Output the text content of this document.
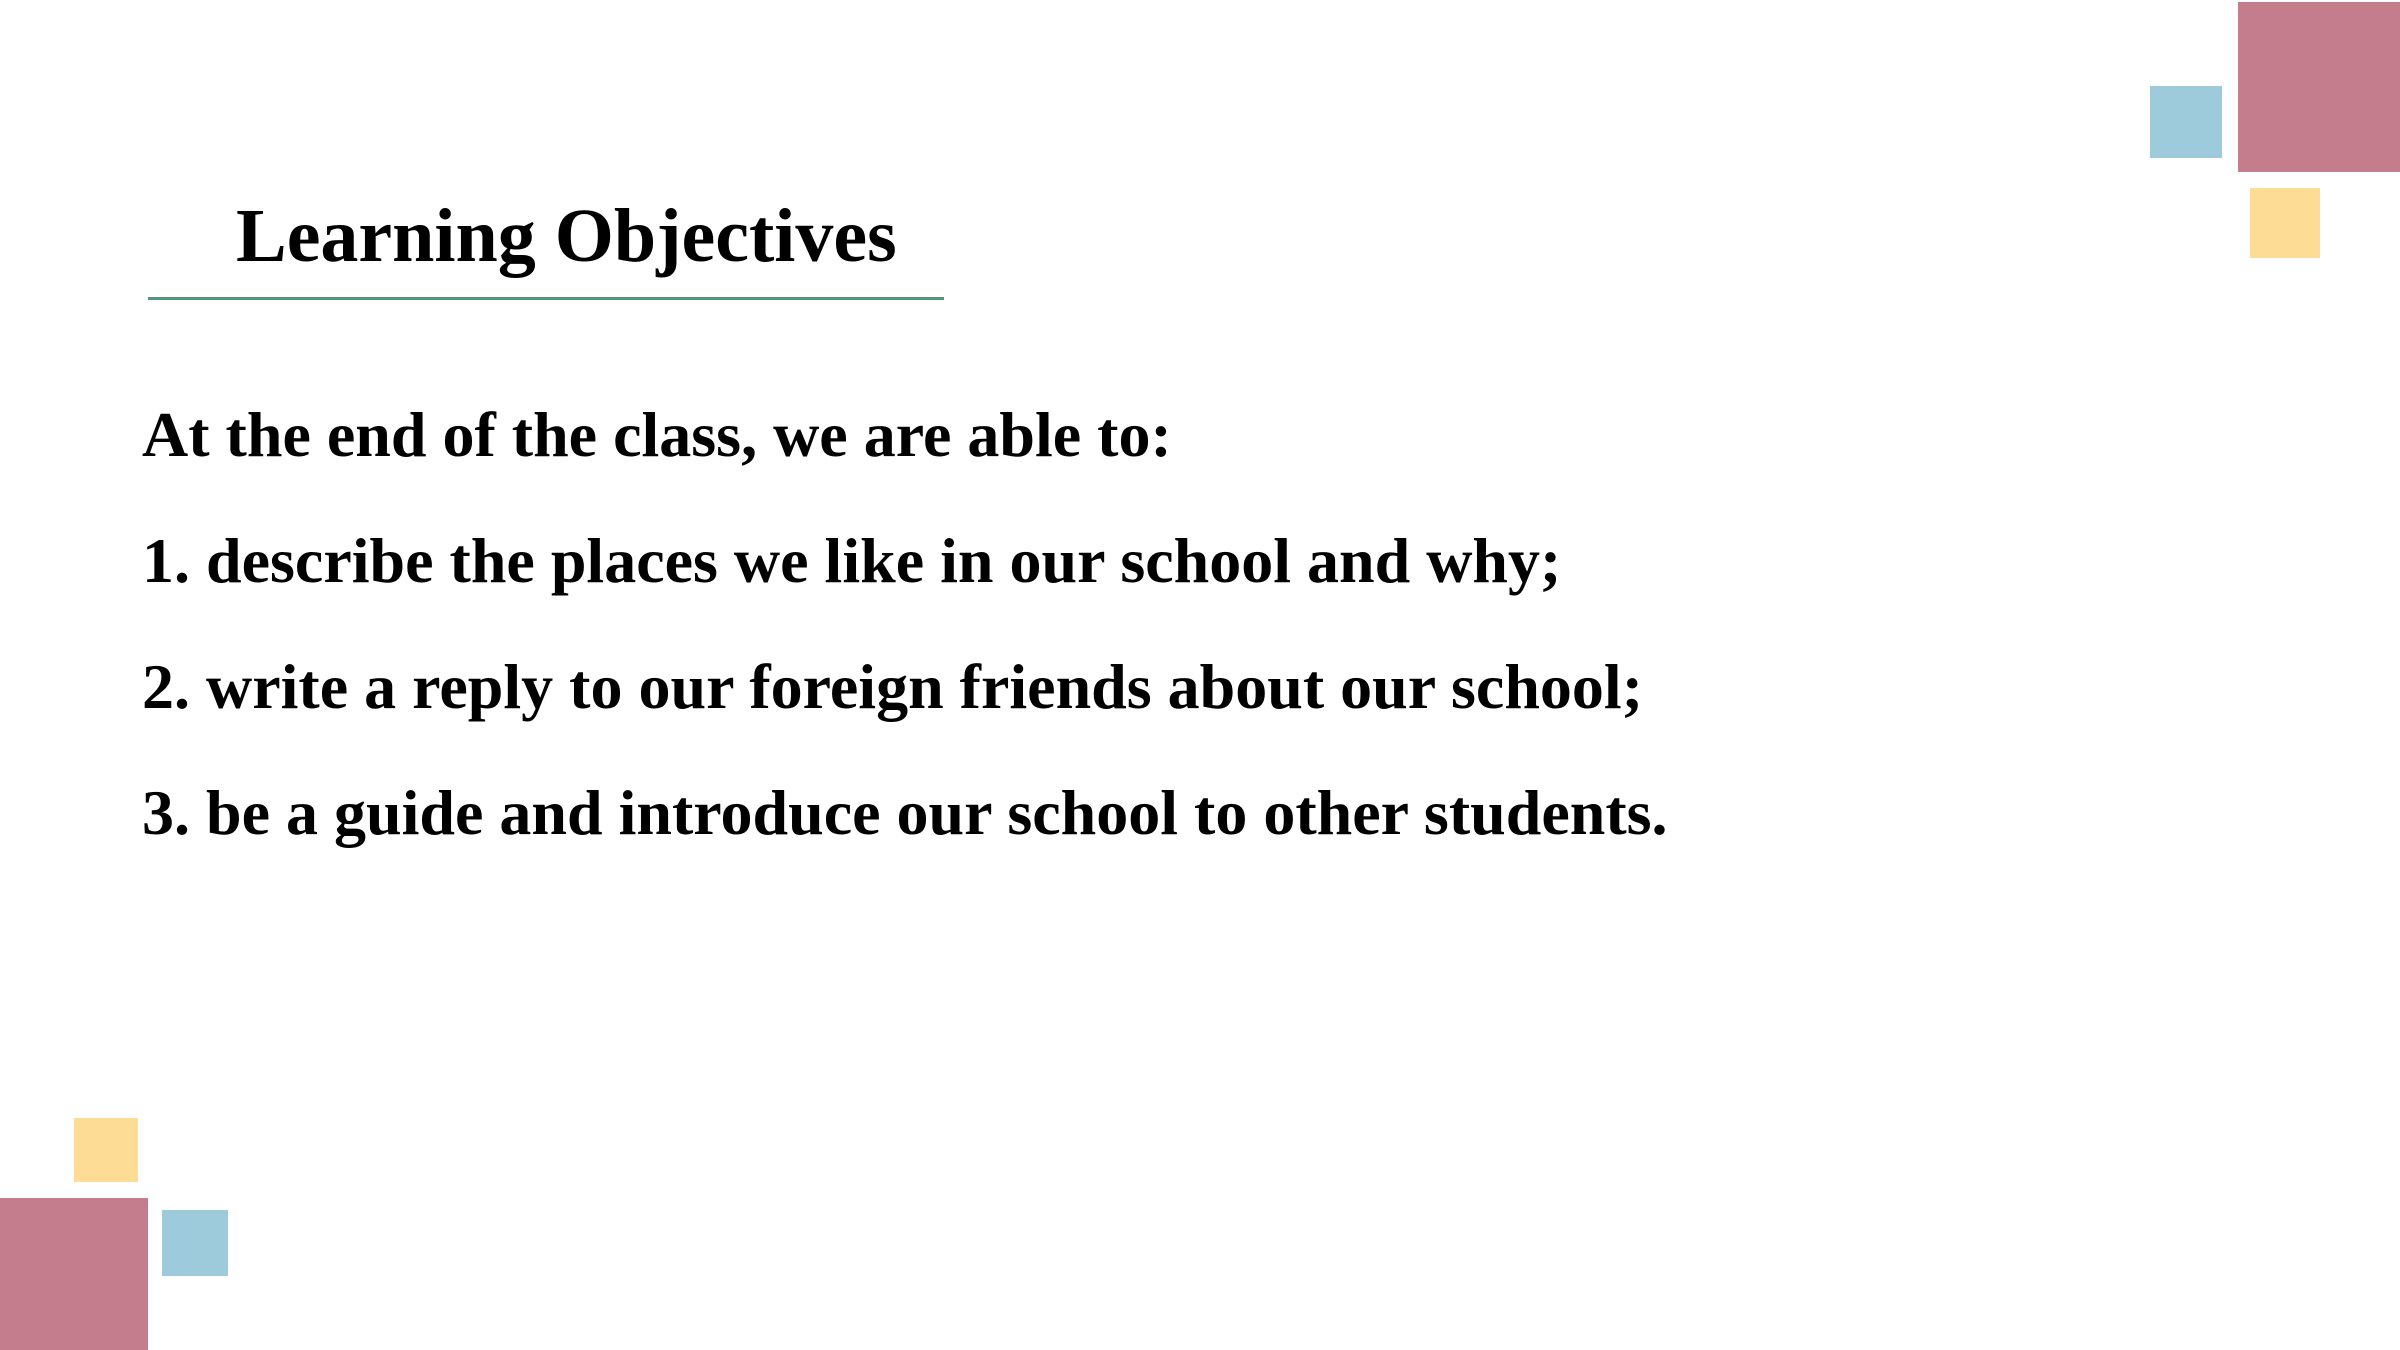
Learning Objectives
At the end of the class, we are able to:
1. describe the places we like in our school and why;
2. write a reply to our foreign friends about our school;
3. be a guide and introduce our school to other students.
